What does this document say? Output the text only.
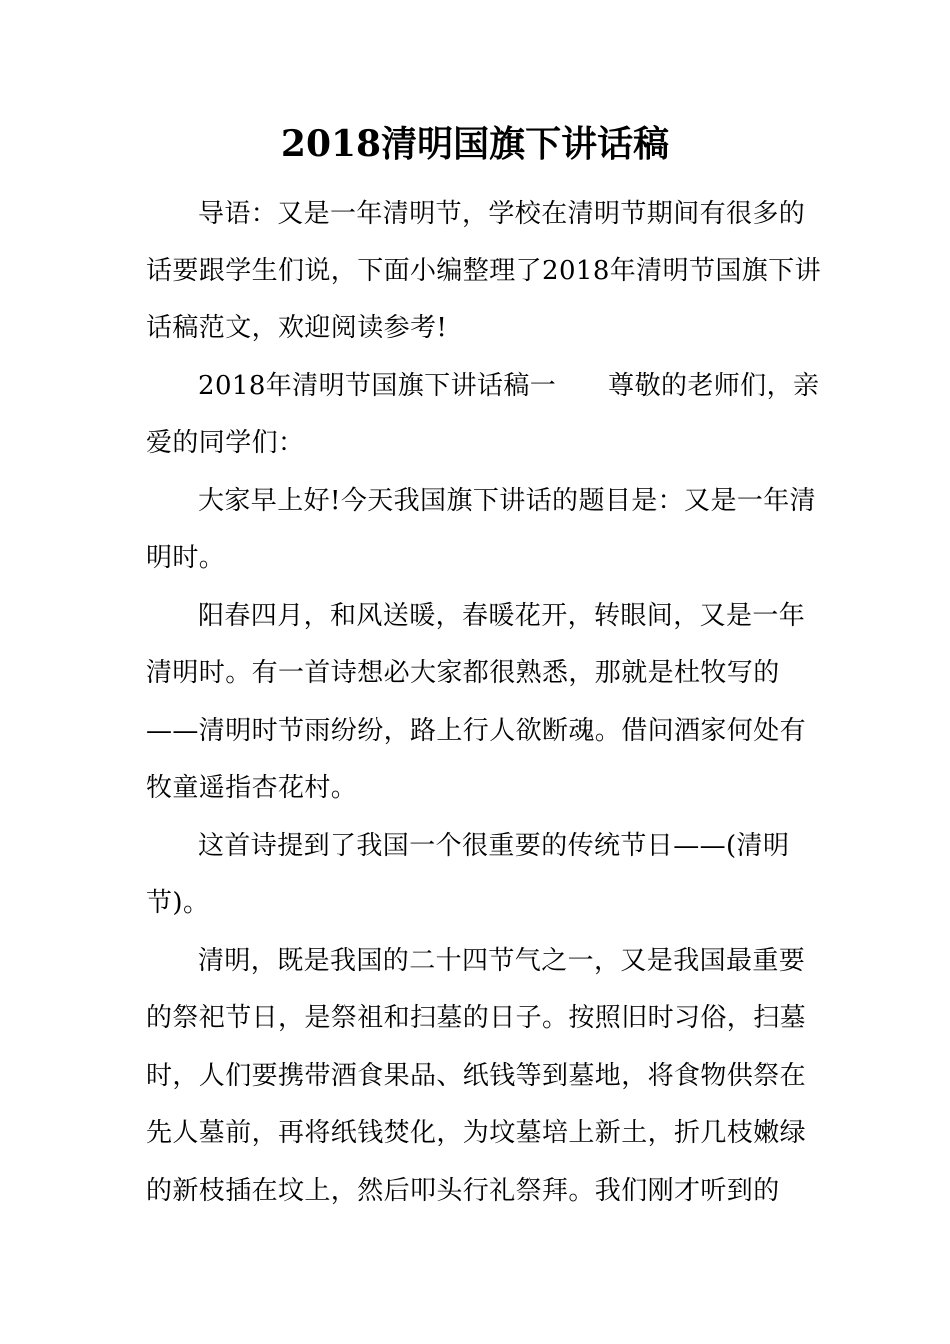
2018清明国旗下讲话稿
导语：又是一年清明节，学校在清明节期间有很多的
话要跟学生们说，下面小编整理了2018年清明节国旗下讲
话稿范文，欢迎阅读参考!
2018年清明节国旗下讲话稿一 尊敬的老师们，亲
爱的同学们：
大家早上好!今天我国旗下讲话的题目是：又是一年清
明时。
阳春四月，和风送暖，春暖花开，转眼间，又是一年
清明时。有一首诗想必大家都很熟悉，那就是杜牧写的
——清明时节雨纷纷，路上行人欲断魂。借问酒家何处有
牧童遥指杏花村。
这首诗提到了我国一个很重要的传统节日——(清明
节)。
清明，既是我国的二十四节气之一，又是我国最重要
的祭祀节日，是祭祖和扫墓的日子。按照旧时习俗，扫墓
时，人们要携带酒食果品、纸钱等到墓地，将食物供祭在
先人墓前，再将纸钱焚化，为坟墓培上新土，折几枝嫩绿
的新枝插在坟上，然后叩头行礼祭拜。我们刚才听到的
